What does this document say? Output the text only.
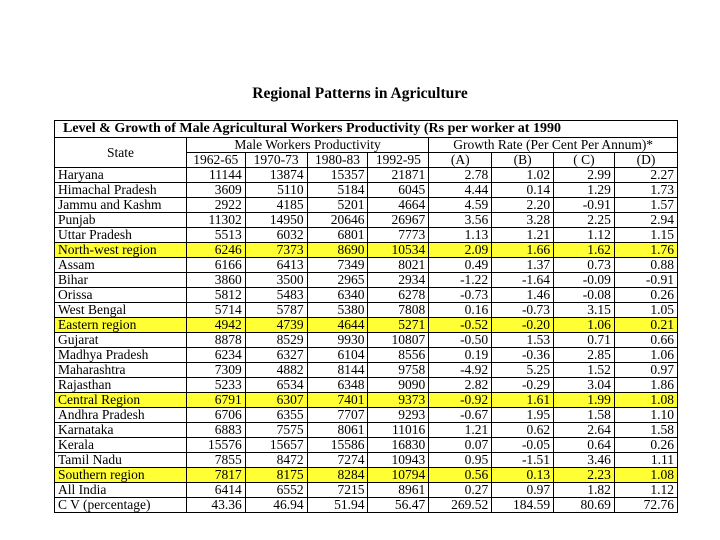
Regional Patterns in Agriculture
Level & Growth of Male Agricultural Workers Productivity (Rs per worker at 1990								
State	Male Workers Productivity				Growth Rate (Per Cent Per Annum)*			
	1962-65	1970-73	1980-83	1992-95	(A)	(B)	( C)	(D)
Haryana	11144	13874	15357	21871	2.78	1.02	2.99	2.27
Himachal Pradesh	3609	5110	5184	6045	4.44	0.14	1.29	1.73
Jammu and Kashm	2922	4185	5201	4664	4.59	2.20	-0.91	1.57
Punjab	11302	14950	20646	26967	3.56	3.28	2.25	2.94
Uttar Pradesh	5513	6032	6801	7773	1.13	1.21	1.12	1.15
North-west region	6246	7373	8690	10534	2.09	1.66	1.62	1.76
Assam	6166	6413	7349	8021	0.49	1.37	0.73	0.88
Bihar	3860	3500	2965	2934	-1.22	-1.64	-0.09	-0.91
Orissa	5812	5483	6340	6278	-0.73	1.46	-0.08	0.26
West Bengal	5714	5787	5380	7808	0.16	-0.73	3.15	1.05
Eastern region	4942	4739	4644	5271	-0.52	-0.20	1.06	0.21
Gujarat	8878	8529	9930	10807	-0.50	1.53	0.71	0.66
Madhya Pradesh	6234	6327	6104	8556	0.19	-0.36	2.85	1.06
Maharashtra	7309	4882	8144	9758	-4.92	5.25	1.52	0.97
Rajasthan	5233	6534	6348	9090	2.82	-0.29	3.04	1.86
Central Region	6791	6307	7401	9373	-0.92	1.61	1.99	1.08
Andhra Pradesh	6706	6355	7707	9293	-0.67	1.95	1.58	1.10
Karnataka	6883	7575	8061	11016	1.21	0.62	2.64	1.58
Kerala	15576	15657	15586	16830	0.07	-0.05	0.64	0.26
Tamil Nadu	7855	8472	7274	10943	0.95	-1.51	3.46	1.11
Southern region	7817	8175	8284	10794	0.56	0.13	2.23	1.08
All India	6414	6552	7215	8961	0.27	0.97	1.82	1.12
C V (percentage)	43.36	46.94	51.94	56.47	269.52	184.59	80.69	72.76
